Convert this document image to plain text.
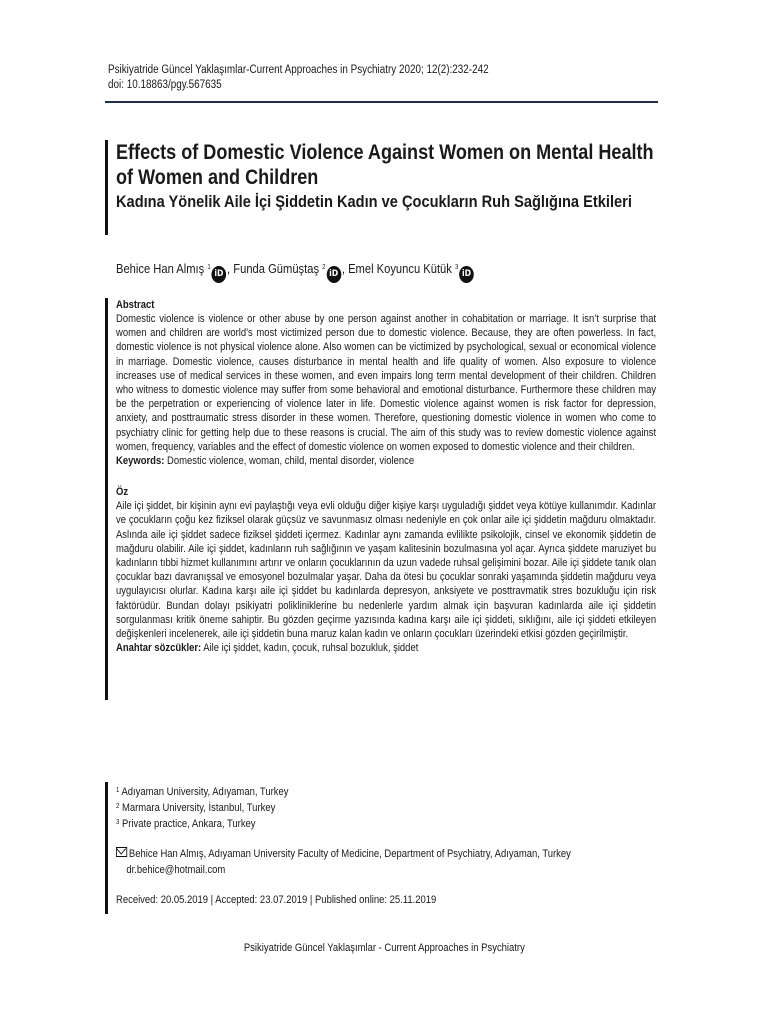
Psikiyatride Güncel Yaklaşımlar-Current Approaches in Psychiatry 2020; 12(2):232-242
doi: 10.18863/pgy.567635
Effects of Domestic Violence Against Women on Mental Health of Women and Children
Kadına Yönelik Aile İçi Şiddetin Kadın ve Çocukların Ruh Sağlığına Etkileri
Behice Han Almış $^1$iD , Funda Gümüştaş $^2$iD , Emel Koyuncu Kütük $^3$iD
Abstract

Domestic violence is violence or other abuse by one person against another in cohabitation or marriage. It isn’t surprise that women and children are world’s most victimized person due to domestic violence. Because, they are often powerless. In fact, domestic violence is not physical violence alone. Also women can be victimized by psychological, sexual or economical violence in marriage. Domestic violence, causes disturbance in mental health and life quality of women. Also exposure to violence increases use of medical services in these women, and even impairs long term mental development of their children. Children who witness to domestic violence may suffer from some behavioral and emotional disturbance. Furthermore these children may be the perpetration or experiencing of violence later in life. Domestic violence against women is risk factor for depression, anxiety, and posttraumatic stress disorder in these women. Therefore, questioning domestic violence in women who come to psychiatry clinic for getting help due to these reasons is crucial. The aim of this study was to review domestic violence against women, frequency, variables and the effect of domestic violence on women exposed to domestic violence and their children.

Keywords: Domestic violence, woman, child, mental disorder, violence
Öz

Aile içi şiddet, bir kişinin aynı evi paylaştığı veya evli olduğu diğer kişiye karşı uyguladığı şiddet veya kötüye kullanımdır. Kadınlar ve çocukların çoğu kez fiziksel olarak güçsüz ve savunmasız olması nedeniyle en çok onlar aile içi şiddetin mağduru olmaktadır. Aslında aile içi şiddet sadece fiziksel şiddeti içermez. Kadınlar aynı zamanda evlilikte psikolojik, cinsel ve ekonomik şiddetin de mağduru olabilir. Aile içi şiddet, kadınların ruh sağlığının ve yaşam kalitesinin bozulmasına yol açar. Ayrıca şiddete maruziyet bu kadınların tıbbi hizmet kullanımını artırır ve onların çocuklarının da uzun vadede ruhsal gelişimini bozar. Aile içi şiddete tanık olan çocuklar bazı davranışsal ve emosyonel bozulmalar yaşar. Daha da ötesi bu çocuklar sonraki yaşamında şiddetin mağduru veya uygulayıcısı olurlar. Kadına karşı aile içi şiddet bu kadınlarda depresyon, anksiyete ve posttravmatik stres bozukluğu için risk faktörüdür. Bundan dolayı psikiyatri polikliniklerine bu nedenlerle yardım almak için başvuran kadınlarda aile içi şiddetin sorgulanması kritik öneme sahiptir. Bu gözden geçirme yazısında kadına karşı aile içi şiddeti, sıklığını, aile içi şiddeti etkileyen değişkenleri incelenerek, aile içi şiddetin buna maruz kalan kadın ve onların çocukları üzerindeki etkisi gözden geçirilmiştir.

Anahtar sözcükler: Aile içi şiddet, kadın, çocuk, ruhsal bozukluk, şiddet
$^1$ Adıyaman University, Adıyaman, Turkey
$^2$ Marmara University, İstanbul, Turkey
$^3$ Private practice, Ankara, Turkey
Behice Han Almış, Adıyaman University Faculty of Medicine, Department of Psychiatry, Adıyaman, Turkey
dr.behice@hotmail.com
Received: 20.05.2019 | Accepted: 23.07.2019 | Published online: 25.11.2019
Psikiyatride Güncel Yaklaşımlar - Current Approaches in Psychiatry
